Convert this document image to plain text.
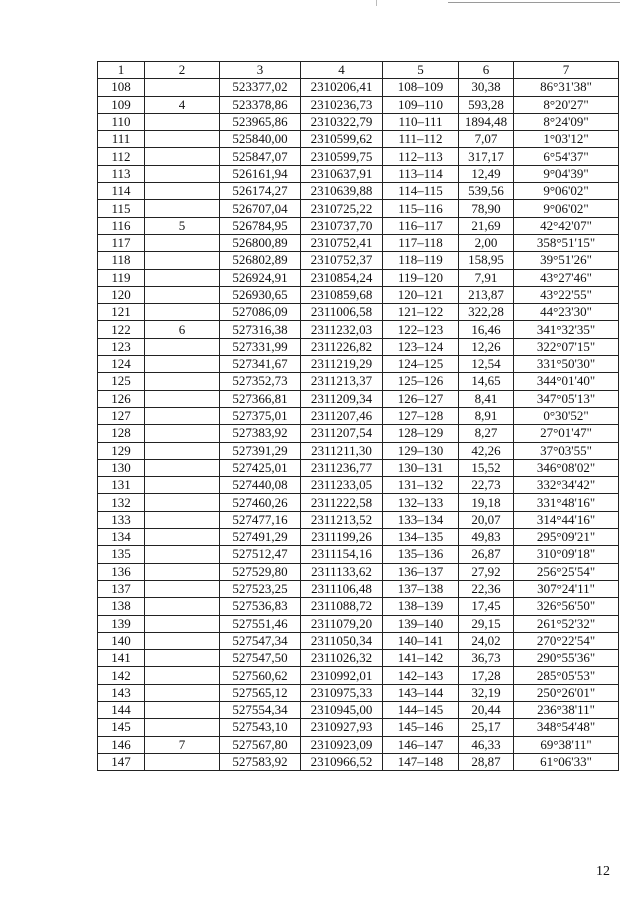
1	2	3	4	5	6	7
108		523377,02	2310206,41	108–109	30,38	86°31'38"
109	4	523378,86	2310236,73	109–110	593,28	8°20'27"
110		523965,86	2310322,79	110–111	1894,48	8°24'09"
111		525840,00	2310599,62	111–112	7,07	1°03'12"
112		525847,07	2310599,75	112–113	317,17	6°54'37"
113		526161,94	2310637,91	113–114	12,49	9°04'39"
114		526174,27	2310639,88	114–115	539,56	9°06'02"
115		526707,04	2310725,22	115–116	78,90	9°06'02"
116	5	526784,95	2310737,70	116–117	21,69	42°42'07"
117		526800,89	2310752,41	117–118	2,00	358°51'15"
118		526802,89	2310752,37	118–119	158,95	39°51'26"
119		526924,91	2310854,24	119–120	7,91	43°27'46"
120		526930,65	2310859,68	120–121	213,87	43°22'55"
121		527086,09	2311006,58	121–122	322,28	44°23'30"
122	6	527316,38	2311232,03	122–123	16,46	341°32'35"
123		527331,99	2311226,82	123–124	12,26	322°07'15"
124		527341,67	2311219,29	124–125	12,54	331°50'30"
125		527352,73	2311213,37	125–126	14,65	344°01'40"
126		527366,81	2311209,34	126–127	8,41	347°05'13"
127		527375,01	2311207,46	127–128	8,91	0°30'52"
128		527383,92	2311207,54	128–129	8,27	27°01'47"
129		527391,29	2311211,30	129–130	42,26	37°03'55"
130		527425,01	2311236,77	130–131	15,52	346°08'02"
131		527440,08	2311233,05	131–132	22,73	332°34'42"
132		527460,26	2311222,58	132–133	19,18	331°48'16"
133		527477,16	2311213,52	133–134	20,07	314°44'16"
134		527491,29	2311199,26	134–135	49,83	295°09'21"
135		527512,47	2311154,16	135–136	26,87	310°09'18"
136		527529,80	2311133,62	136–137	27,92	256°25'54"
137		527523,25	2311106,48	137–138	22,36	307°24'11"
138		527536,83	2311088,72	138–139	17,45	326°56'50"
139		527551,46	2311079,20	139–140	29,15	261°52'32"
140		527547,34	2311050,34	140–141	24,02	270°22'54"
141		527547,50	2311026,32	141–142	36,73	290°55'36"
142		527560,62	2310992,01	142–143	17,28	285°05'53"
143		527565,12	2310975,33	143–144	32,19	250°26'01"
144		527554,34	2310945,00	144–145	20,44	236°38'11"
145		527543,10	2310927,93	145–146	25,17	348°54'48"
146	7	527567,80	2310923,09	146–147	46,33	69°38'11"
147		527583,92	2310966,52	147–148	28,87	61°06'33"
12
